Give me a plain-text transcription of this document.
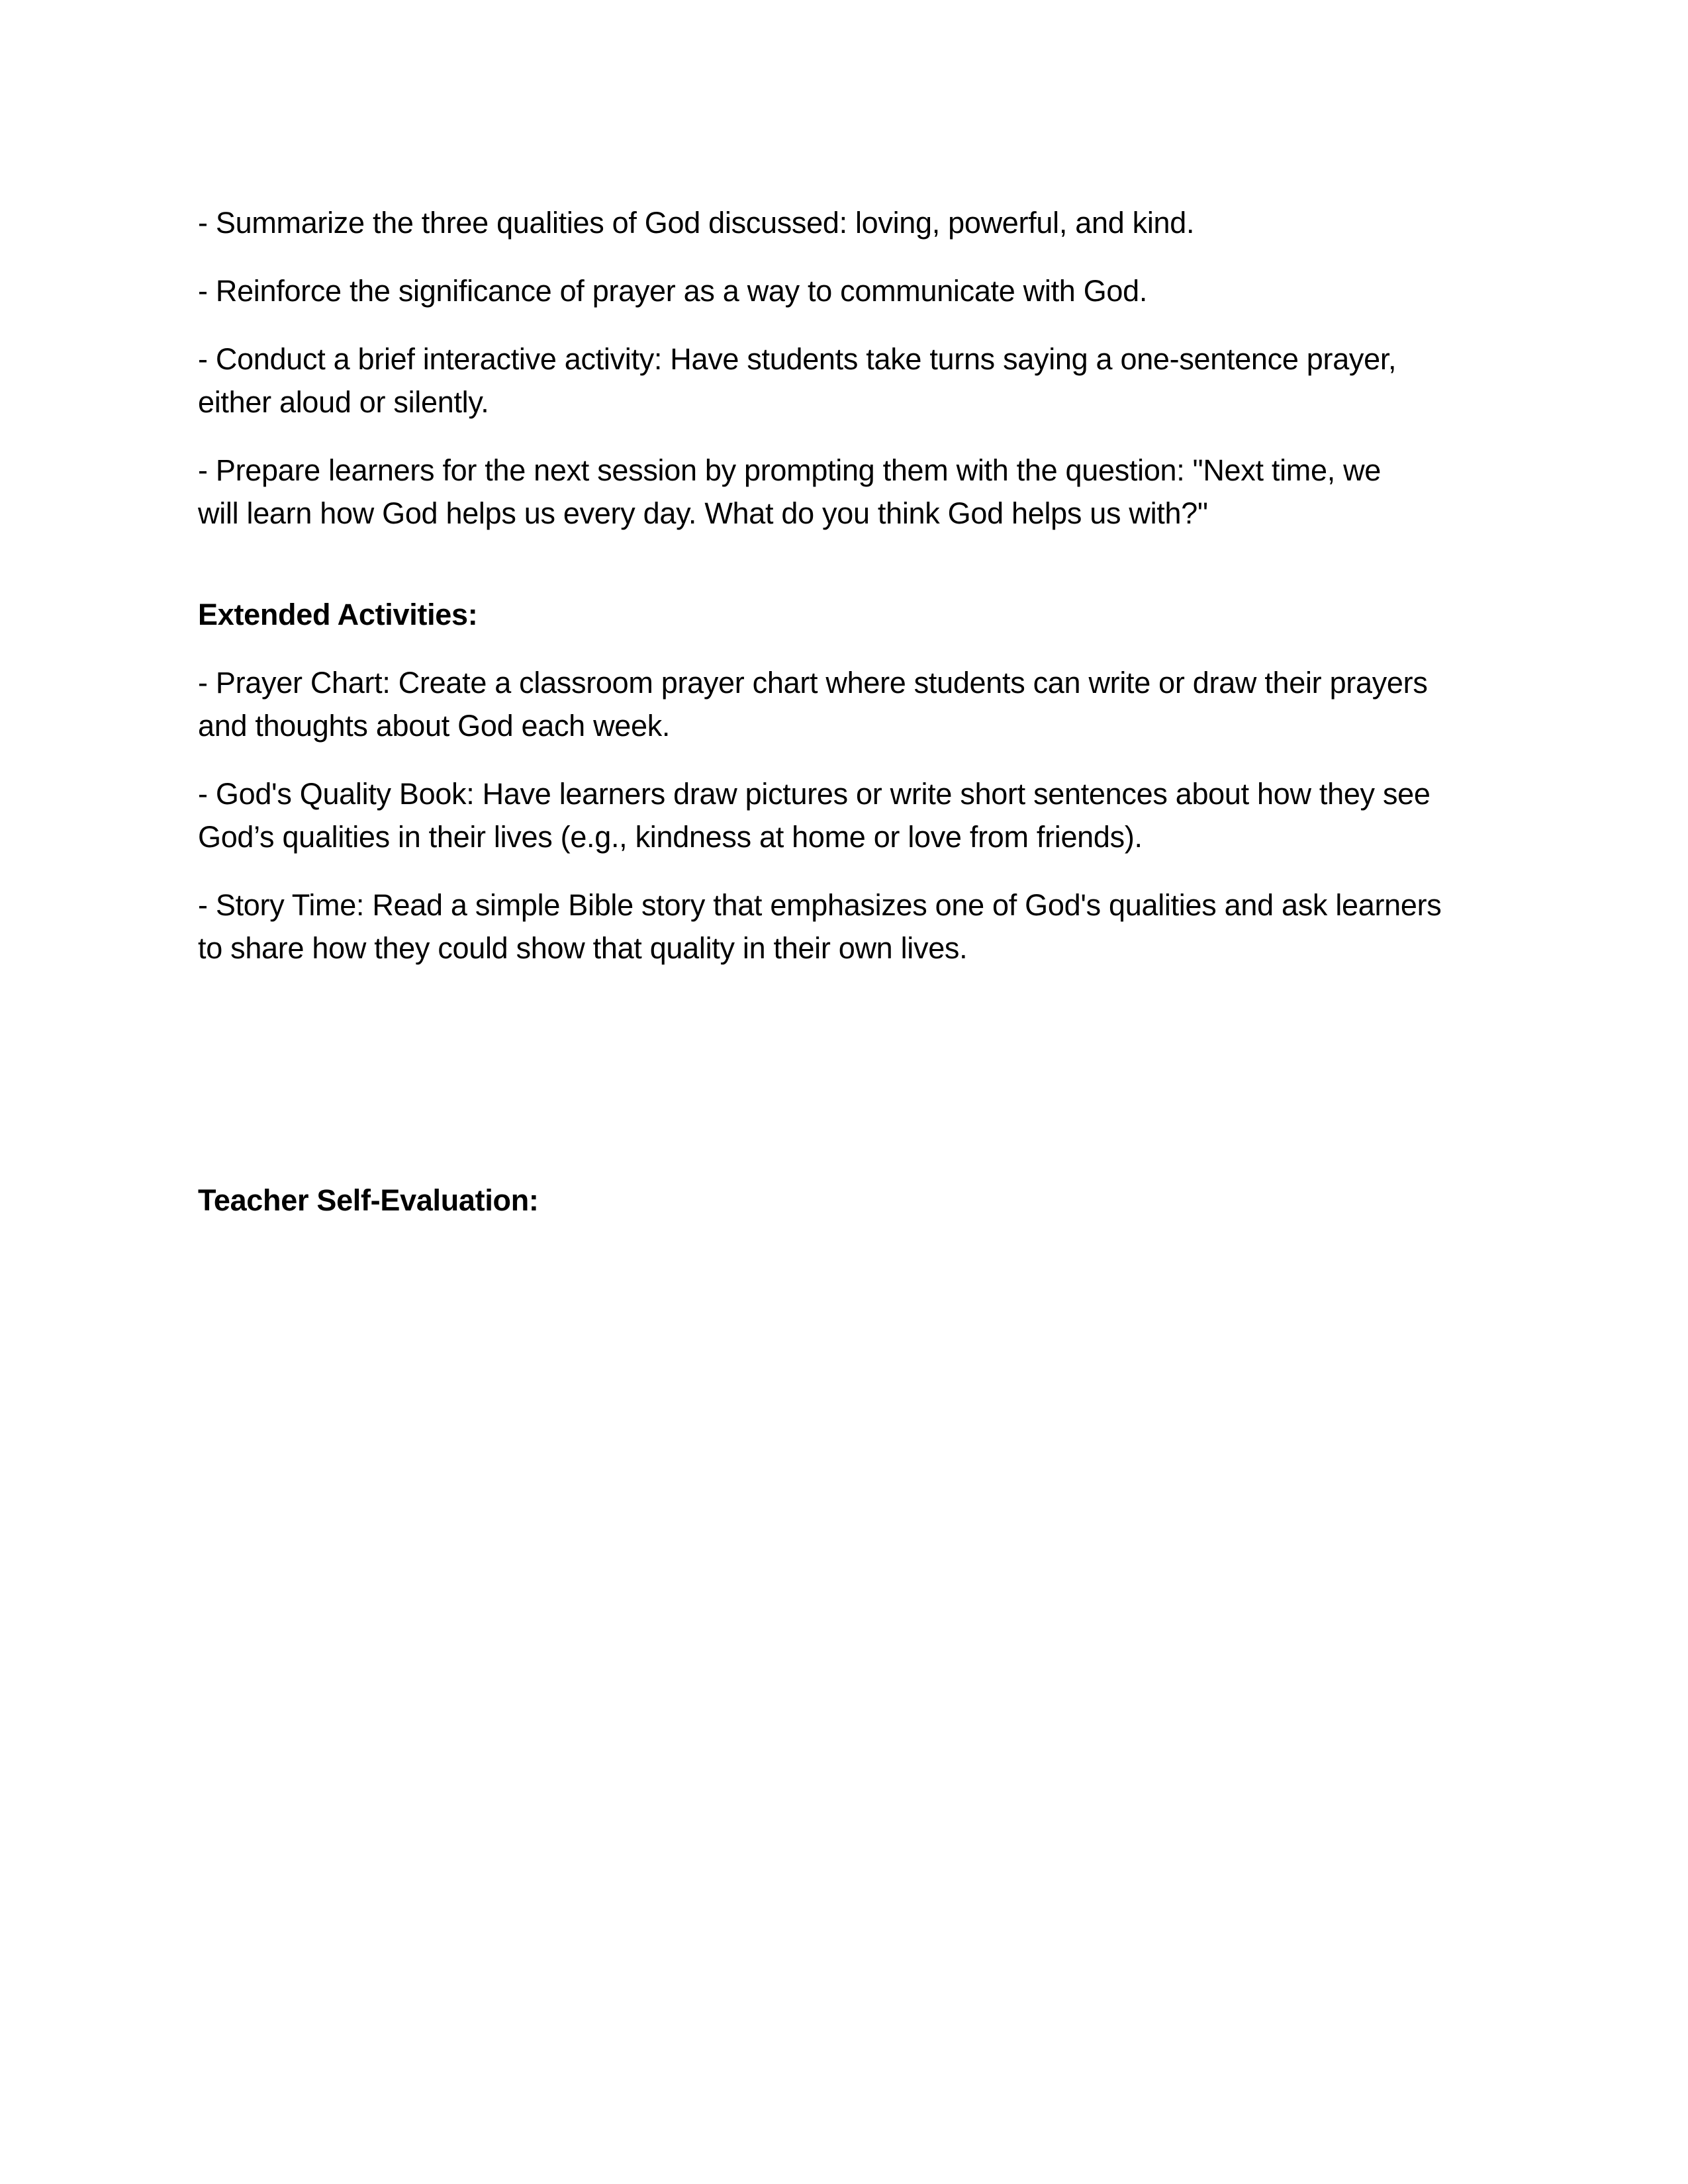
- Summarize the three qualities of God discussed: loving, powerful, and kind.

- Reinforce the significance of prayer as a way to communicate with God.

- Conduct a brief interactive activity: Have students take turns saying a one-sentence prayer,
either aloud or silently.

- Prepare learners for the next session by prompting them with the question: "Next time, we
will learn how God helps us every day. What do you think God helps us with?"

Extended Activities:

- Prayer Chart: Create a classroom prayer chart where students can write or draw their prayers
and thoughts about God each week.

- God's Quality Book: Have learners draw pictures or write short sentences about how they see
God’s qualities in their lives (e.g., kindness at home or love from friends).

- Story Time: Read a simple Bible story that emphasizes one of God's qualities and ask learners
to share how they could show that quality in their own lives.

Teacher Self-Evaluation:
